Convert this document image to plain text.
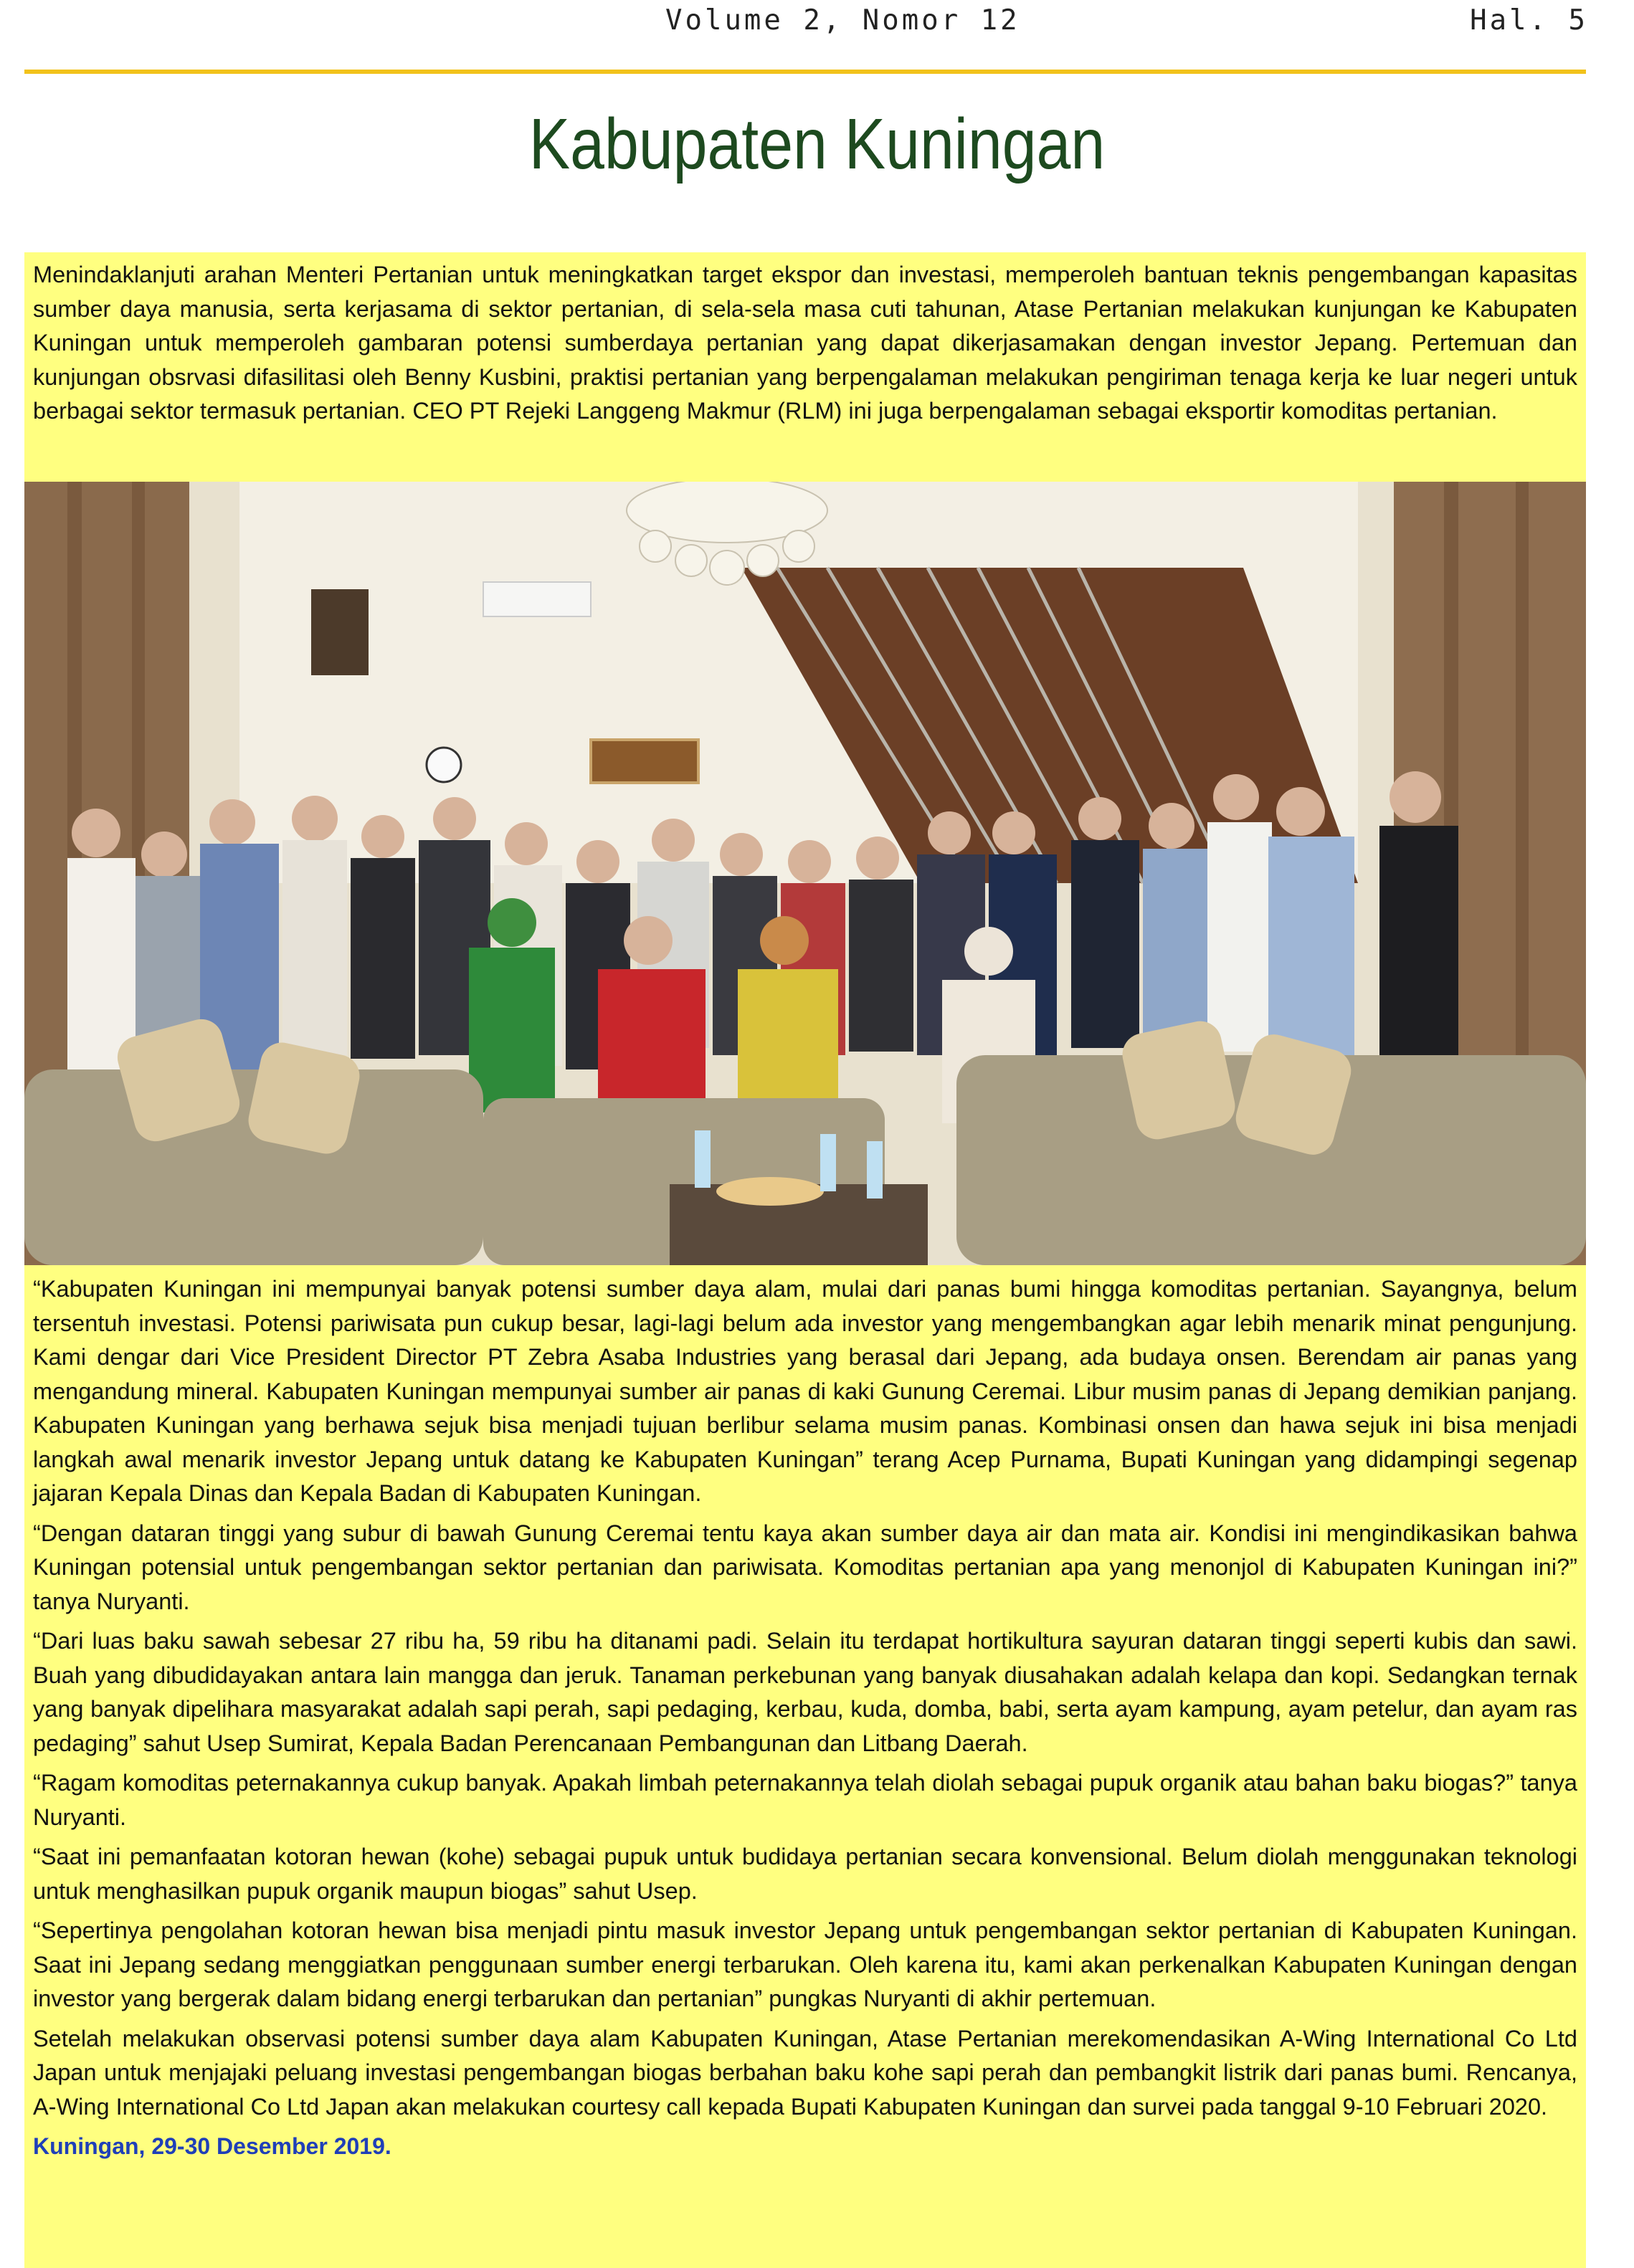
Volume 2, Nomor 12	Hal. 5
Kabupaten Kuningan

Menindaklanjuti arahan Menteri Pertanian untuk meningkatkan target ekspor dan investasi, memperoleh bantuan teknis pengembangan kapasitas sumber daya manusia, serta kerjasama di sektor pertanian, di sela-sela masa cuti tahunan, Atase Pertanian melakukan kunjungan ke Kabupaten Kuningan untuk memperoleh gambaran potensi sumberdaya pertanian yang dapat dikerjasamakan dengan investor Jepang. Pertemuan dan kunjungan obsrvasi difasilitasi oleh Benny Kusbini, praktisi pertanian yang berpengalaman melakukan pengiriman tenaga kerja ke luar negeri untuk berbagai sektor termasuk pertanian. CEO PT Rejeki Langgeng Makmur (RLM) ini juga berpengalaman sebagai eksportir komoditas pertanian.

“Kabupaten Kuningan ini mempunyai banyak potensi sumber daya alam, mulai dari panas bumi hingga komoditas pertanian. Sayangnya, belum tersentuh investasi. Potensi pariwisata pun cukup besar, lagi-lagi belum ada investor yang mengembangkan agar lebih menarik minat pengunjung. Kami dengar dari Vice President Director PT Zebra Asaba Industries yang berasal dari Jepang, ada budaya onsen. Berendam air panas yang mengandung mineral. Kabupaten Kuningan mempunyai sumber air panas di kaki Gunung Ceremai. Libur musim panas di Jepang demikian panjang. Kabupaten Kuningan yang berhawa sejuk bisa menjadi tujuan berlibur selama musim panas. Kombinasi onsen dan hawa sejuk ini bisa menjadi langkah awal menarik investor Jepang untuk datang ke Kabupaten Kuningan” terang Acep Purnama, Bupati Kuningan yang didampingi segenap jajaran Kepala Dinas dan Kepala Badan di Kabupaten Kuningan.

“Dengan dataran tinggi yang subur di bawah Gunung Ceremai tentu kaya akan sumber daya air dan mata air. Kondisi ini mengindikasikan bahwa Kuningan potensial untuk pengembangan sektor pertanian dan pariwisata. Komoditas pertanian apa yang menonjol di Kabupaten Kuningan ini?” tanya Nuryanti.

“Dari luas baku sawah sebesar 27 ribu ha, 59 ribu ha ditanami padi. Selain itu terdapat hortikultura sayuran dataran tinggi seperti kubis dan sawi. Buah yang dibudidayakan antara lain mangga dan jeruk. Tanaman perkebunan yang banyak diusahakan adalah kelapa dan kopi. Sedangkan ternak yang banyak dipelihara masyarakat adalah sapi perah, sapi pedaging, kerbau, kuda, domba, babi, serta ayam kampung, ayam petelur, dan ayam ras pedaging” sahut Usep Sumirat, Kepala Badan Perencanaan Pembangunan dan Litbang Daerah.

“Ragam komoditas peternakannya cukup banyak. Apakah limbah peternakannya telah diolah sebagai pupuk organik atau bahan baku biogas?” tanya Nuryanti.

“Saat ini pemanfaatan kotoran hewan (kohe) sebagai pupuk untuk budidaya pertanian secara konvensional. Belum diolah menggunakan teknologi untuk menghasilkan pupuk organik maupun biogas” sahut Usep.

“Sepertinya pengolahan kotoran hewan bisa menjadi pintu masuk investor Jepang untuk pengembangan sektor pertanian di Kabupaten Kuningan. Saat ini Jepang sedang menggiatkan penggunaan sumber energi terbarukan. Oleh karena itu, kami akan perkenalkan Kabupaten Kuningan dengan investor yang bergerak dalam bidang energi terbarukan dan pertanian” pungkas Nuryanti di akhir pertemuan.

Setelah melakukan observasi potensi sumber daya alam Kabupaten Kuningan, Atase Pertanian merekomendasikan A-Wing International Co Ltd Japan untuk menjajaki peluang investasi pengembangan biogas berbahan baku kohe sapi perah dan pembangkit listrik dari panas bumi. Rencanya, A-Wing International Co Ltd Japan akan melakukan courtesy call kepada Bupati Kabupaten Kuningan dan survei pada tanggal 9-10 Februari 2020.

Kuningan, 29-30 Desember 2019.
